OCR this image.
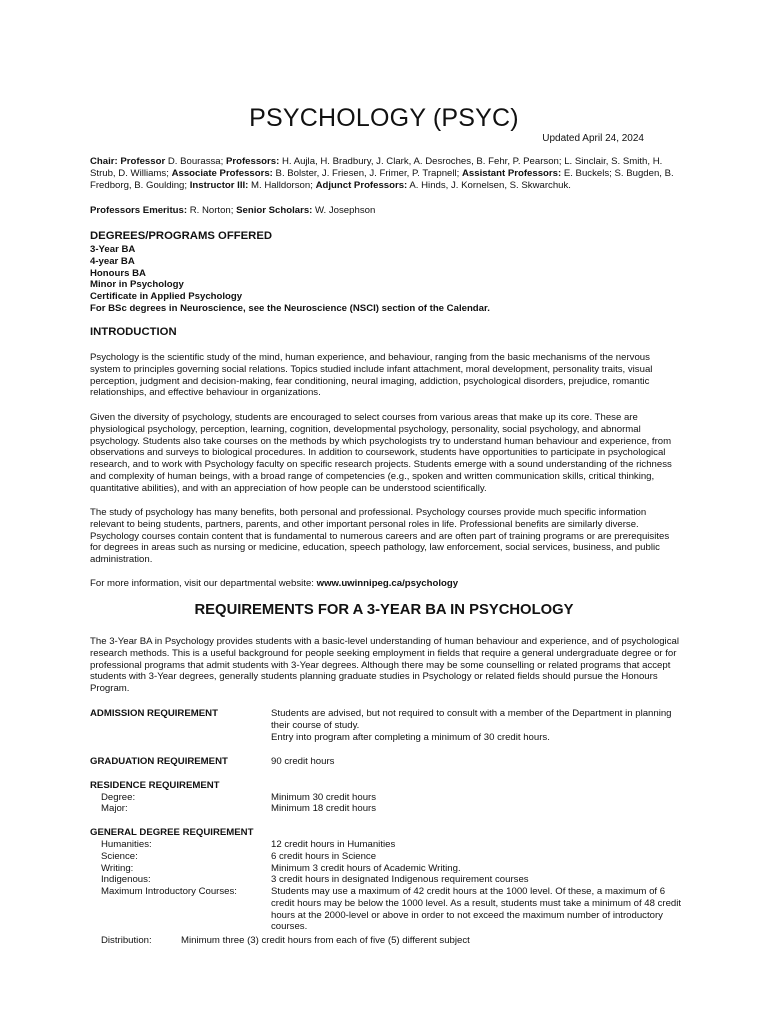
PSYCHOLOGY (PSYC)
Updated April 24, 2024

Chair: Professor D. Bourassa; Professors: H. Aujla, H. Bradbury, J. Clark, A. Desroches, B. Fehr, P. Pearson; L. Sinclair, S. Smith, H. Strub, D. Williams; Associate Professors: B. Bolster, J. Friesen, J. Frimer, P. Trapnell; Assistant Professors: E. Buckels; S. Bugden, B. Fredborg, B. Goulding; Instructor III: M. Halldorson; Adjunct Professors: A. Hinds, J. Kornelsen, S. Skwarchuk.

Professors Emeritus: R. Norton; Senior Scholars: W. Josephson

DEGREES/PROGRAMS OFFERED
3-Year BA
4-year BA
Honours BA
Minor in Psychology
Certificate in Applied Psychology
For BSc degrees in Neuroscience, see the Neuroscience (NSCI) section of the Calendar.
INTRODUCTION

Psychology is the scientific study of the mind, human experience, and behaviour, ranging from the basic mechanisms of the nervous system to principles governing social relations. Topics studied include infant attachment, moral development, personality traits, visual perception, judgment and decision-making, fear conditioning, neural imaging, addiction, psychological disorders, prejudice, romantic relationships, and effective behaviour in organizations.

Given the diversity of psychology, students are encouraged to select courses from various areas that make up its core. These are physiological psychology, perception, learning, cognition, developmental psychology, personality, social psychology, and abnormal psychology. Students also take courses on the methods by which psychologists try to understand human behaviour and experience, from observations and surveys to biological procedures. In addition to coursework, students have opportunities to participate in psychological research, and to work with Psychology faculty on specific research projects. Students emerge with a sound understanding of the richness and complexity of human beings, with a broad range of competencies (e.g., spoken and written communication skills, critical thinking, quantitative abilities), and with an appreciation of how people can be understood scientifically.

The study of psychology has many benefits, both personal and professional. Psychology courses provide much specific information relevant to being students, partners, parents, and other important personal roles in life. Professional benefits are similarly diverse. Psychology courses contain content that is fundamental to numerous careers and are often part of training programs or are prerequisites for degrees in areas such as nursing or medicine, education, speech pathology, law enforcement, social services, business, and public administration.

For more information, visit our departmental website: www.uwinnipeg.ca/psychology

REQUIREMENTS FOR A 3-YEAR BA IN PSYCHOLOGY

The 3-Year BA in Psychology provides students with a basic-level understanding of human behaviour and experience, and of psychological research methods. This is a useful background for people seeking employment in fields that require a general undergraduate degree or for professional programs that admit students with 3-Year degrees. Although there may be some counselling or related programs that accept students with 3-Year degrees, generally students planning graduate studies in Psychology or related fields should pursue the Honours Program.

ADMISSION REQUIREMENT	Students are advised, but not required to consult with a member of the Department in planning their course of study.
Entry into program after completing a minimum of 30 credit hours.
GRADUATION REQUIREMENT	90 credit hours
RESIDENCE REQUIREMENT
Degree:	Minimum 30 credit hours
Major:	Minimum 18 credit hours
GENERAL DEGREE REQUIREMENT
Humanities:	12 credit hours in Humanities
Science:	6 credit hours in Science
Writing:	Minimum 3 credit hours of Academic Writing.
Indigenous:	3 credit hours in designated Indigenous requirement courses
Maximum Introductory Courses:	Students may use a maximum of 42 credit hours at the 1000 level. Of these, a maximum of 6 credit hours may be below the 1000 level. As a result, students must take a minimum of 48 credit hours at the 2000-level or above in order to not exceed the maximum number of introductory courses.
Distribution:	Minimum three (3) credit hours from each of five (5) different subject
